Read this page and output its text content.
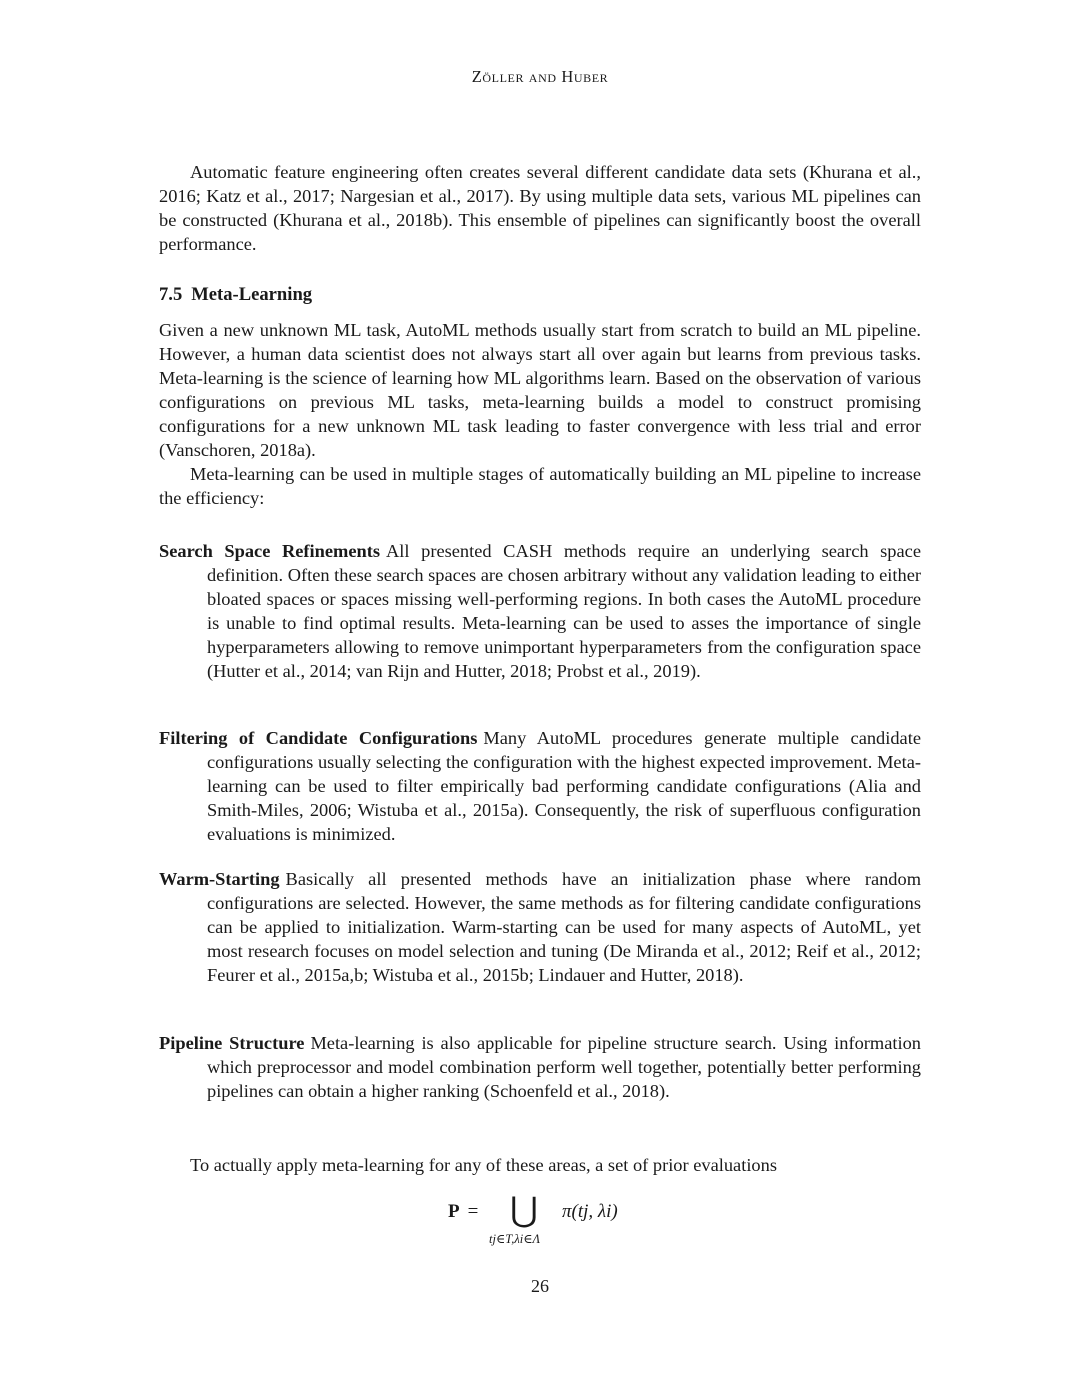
Zöller and Huber
Automatic feature engineering often creates several different candidate data sets (Khurana et al., 2016; Katz et al., 2017; Nargesian et al., 2017). By using multiple data sets, various ML pipelines can be constructed (Khurana et al., 2018b). This ensemble of pipelines can significantly boost the overall performance.
7.5 Meta-Learning

Given a new unknown ML task, AutoML methods usually start from scratch to build an ML pipeline. However, a human data scientist does not always start all over again but learns from previous tasks. Meta-learning is the science of learning how ML algorithms learn. Based on the observation of various configurations on previous ML tasks, meta-learning builds a model to construct promising configurations for a new unknown ML task leading to faster convergence with less trial and error (Vanschoren, 2018a).

Meta-learning can be used in multiple stages of automatically building an ML pipeline to increase the efficiency:

Search Space Refinements All presented CASH methods require an underlying search space definition. Often these search spaces are chosen arbitrary without any validation leading to either bloated spaces or spaces missing well-performing regions. In both cases the AutoML procedure is unable to find optimal results. Meta-learning can be used to asses the importance of single hyperparameters allowing to remove unimportant hyperparameters from the configuration space (Hutter et al., 2014; van Rijn and Hutter, 2018; Probst et al., 2019).
Filtering of Candidate Configurations Many AutoML procedures generate multiple candidate configurations usually selecting the configuration with the highest expected improvement. Meta-learning can be used to filter empirically bad performing candidate configurations (Alia and Smith-Miles, 2006; Wistuba et al., 2015a). Consequently, the risk of superfluous configuration evaluations is minimized.
Warm-Starting Basically all presented methods have an initialization phase where random configurations are selected. However, the same methods as for filtering candidate configurations can be applied to initialization. Warm-starting can be used for many aspects of AutoML, yet most research focuses on model selection and tuning (De Miranda et al., 2012; Reif et al., 2012; Feurer et al., 2015a,b; Wistuba et al., 2015b; Lindauer and Hutter, 2018).
Pipeline Structure Meta-learning is also applicable for pipeline structure search. Using information which preprocessor and model combination perform well together, potentially better performing pipelines can obtain a higher ranking (Schoenfeld et al., 2018).
To actually apply meta-learning for any of these areas, a set of prior evaluations
P = ⋃ π(tj, λi)
tj∈T,λi∈Λ
26
